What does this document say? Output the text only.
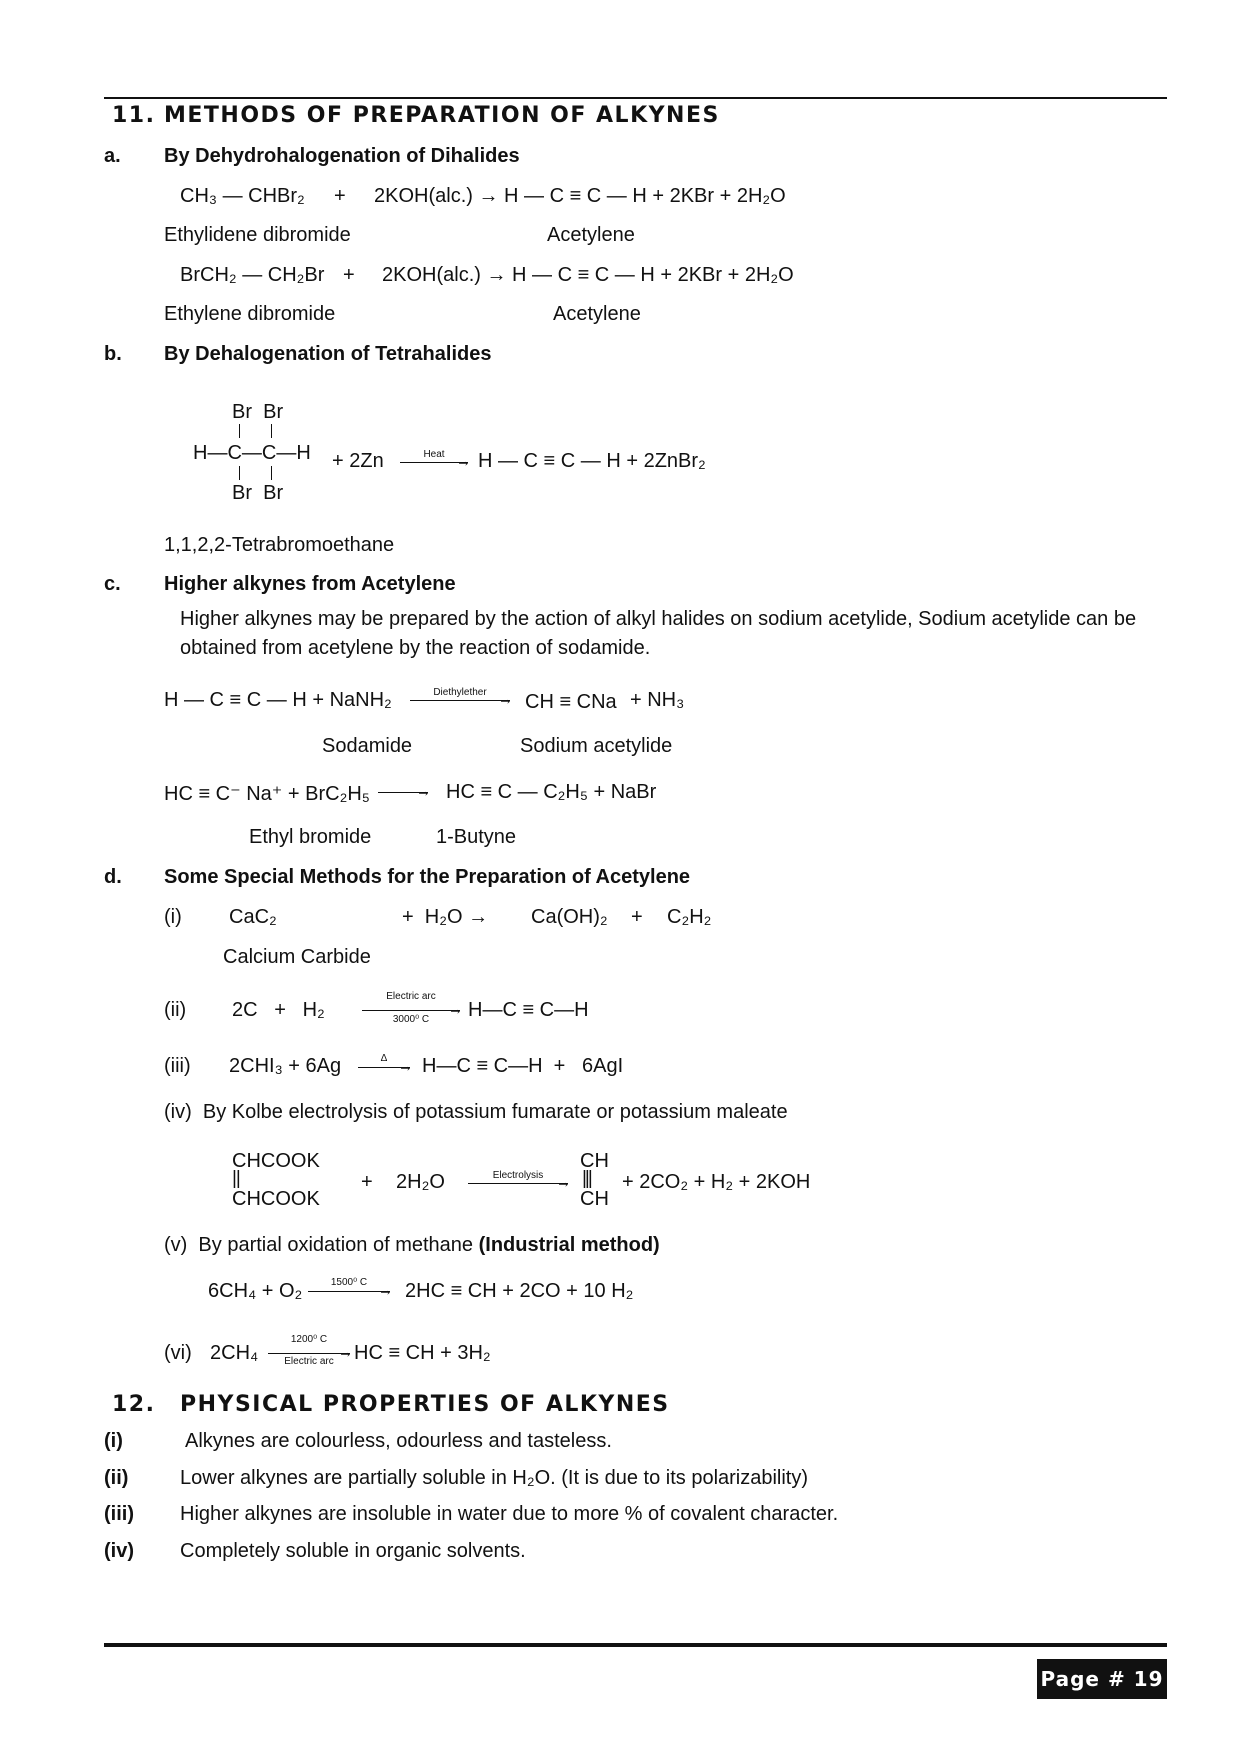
11. METHODS OF PREPARATION OF ALKYNES
a. By Dehydrohalogenation of Dihalides
CH₃ — CHBr₂ + 2KOH(alc.) → H — C ≡ C — H + 2KBr + 2H₂O
Ethylidene dibromide	Acetylene
BrCH₂ — CH₂Br + 2KOH(alc.) → H — C ≡ C — H + 2KBr + 2H₂O
Ethylene dibromide	Acetylene
b. By Dehalogenation of Tetrahalides
Br  Br
H—C—C—H
Br  Br
+ 2Zn	Heat → H — C ≡ C — H + 2ZnBr₂
1,1,2,2-Tetrabromoethane
c. Higher alkynes from Acetylene
Higher alkynes may be prepared by the action of alkyl halides on sodium acetylide, Sodium acetylide can be obtained from acetylene by the reaction of sodamide.
H — C ≡ C — H + NaNH₂	Diethylether → CH ≡ CNa + NH₃
Sodamide	Sodium acetylide
HC ≡ C⁻ Na⁺ + BrC₂H₅	→ HC ≡ C — C₂H₅ + NaBr
Ethyl bromide	1-Butyne
d. Some Special Methods for the Preparation of Acetylene
(i) CaC₂	+  H₂O → Ca(OH)₂ + C₂H₂
Calcium Carbide
(ii) 2C   +   H₂
Electric arc
→
3000⁰ C	H—C ≡ C—H
(iii) 2CHI₃ + 6Ag	Δ → H—C ≡ C—H  +   6AgI
(iv)  By Kolbe electrolysis of potassium fumarate or potassium maleate
CHCOOK
||
CHCOOK
+ 2H₂O	Electrolysis →
CH
|||
CH
+ 2CO₂ + H₂ + 2KOH
(v)  By partial oxidation of methane (Industrial method)
6CH₄ + O₂	1500⁰ C → 2HC ≡ CH + 2CO + 10 H₂
(vi) 2CH₄
1200⁰ C
→
Electric arc	HC ≡ CH + 3H₂
12. PHYSICAL PROPERTIES OF ALKYNES
(i)	Alkynes are colourless, odourless and tasteless.
(ii)	Lower alkynes are partially soluble in H₂O. (It is due to its polarizability)
(iii) Higher alkynes are insoluble in water due to more % of covalent character.
(iv) Completely soluble in organic solvents.
Page # 19
